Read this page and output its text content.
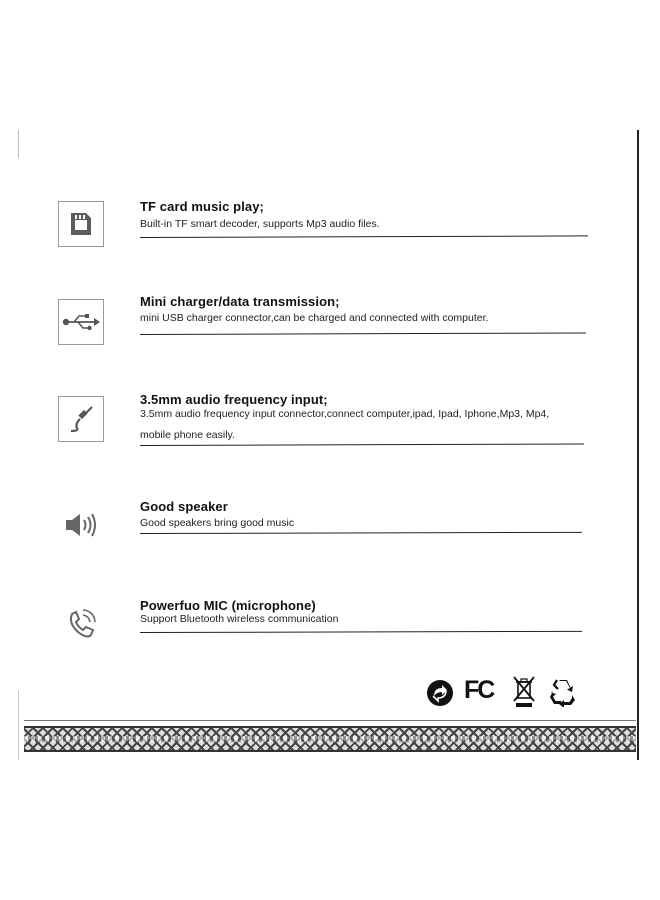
TF card music play;
Built-in TF smart decoder, supports Mp3 audio files.
Mini charger/data transmission;
mini USB charger connector,can be charged and connected with computer.
3.5mm audio frequency input;
3.5mm audio frequency input connector,connect computer,ipad, Ipad, Iphone,Mp3, Mp4,
mobile phone easily.
Good speaker
Good speakers bring good music
Powerfuo MIC (microphone)
Support Bluetooth wireless communication
FC
